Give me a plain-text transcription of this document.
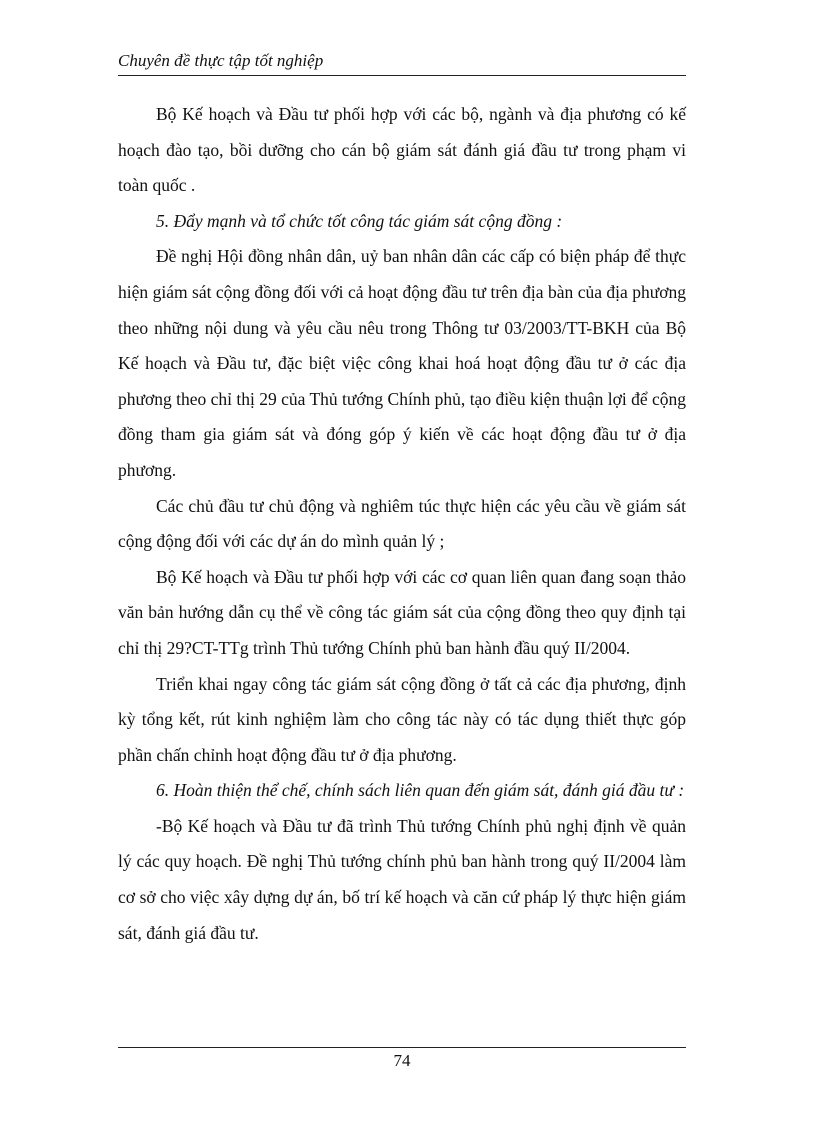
Chuyên đề thực tập tốt nghiệp

Bộ Kế hoạch và Đầu tư phối hợp với các bộ, ngành và địa phương có kế hoạch đào tạo, bồi dưỡng cho cán bộ giám sát đánh giá đầu tư trong phạm vi toàn quốc .

5. Đẩy mạnh và tổ chức tốt công tác giám sát cộng đồng :

Đề nghị Hội đồng nhân dân, uỷ ban nhân dân các cấp có biện pháp để thực hiện giám sát cộng đồng đối với cả hoạt động đầu tư trên địa bàn của địa phương theo những nội dung và yêu cầu nêu trong Thông tư 03/2003/TT-BKH của Bộ Kế hoạch và Đầu tư, đặc biệt việc công khai hoá hoạt động đầu tư ở các địa phương theo chỉ thị 29 của Thủ tướng Chính phủ, tạo điều kiện thuận lợi để cộng đồng tham gia giám sát và đóng góp ý kiến về các hoạt động đầu tư ở địa phương.

Các chủ đầu tư chủ động và nghiêm túc thực hiện các yêu cầu về giám sát cộng động đối với các dự án do mình quản lý ;

Bộ Kế hoạch và Đầu tư phối hợp với các cơ quan liên quan đang soạn thảo văn bản hướng dẫn cụ thể về công tác giám sát của cộng đồng theo quy định tại chỉ thị 29?CT-TTg trình Thủ tướng Chính phủ ban hành đầu quý II/2004.

Triển khai ngay công tác giám sát cộng đồng ở tất cả các địa phương, định kỳ tổng kết, rút kinh nghiệm làm cho công tác này có tác dụng thiết thực góp phần chấn chỉnh hoạt động đầu tư ở địa phương.

6. Hoàn thiện thể chế, chính sách liên quan đến giám sát, đánh giá đầu tư :

-Bộ Kế hoạch và Đầu tư đã trình Thủ tướng Chính phủ nghị định về quản lý các quy hoạch. Đề nghị Thủ tướng chính phủ ban hành trong quý II/2004 làm cơ sở cho việc xây dựng dự án, bố trí kế hoạch và căn cứ pháp lý thực hiện giám sát, đánh giá đầu tư.

74
